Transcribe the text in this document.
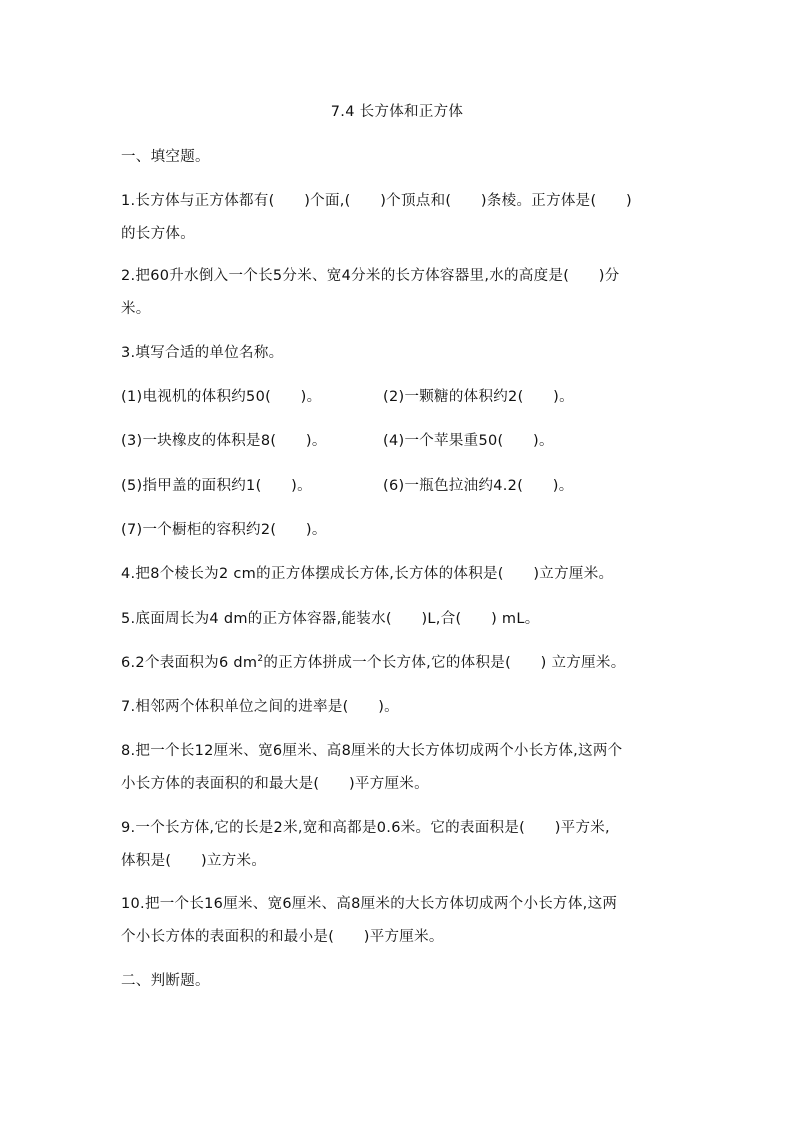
7.4 长方体和正方体
一、填空题。
1.长方体与正方体都有(　　)个面,(　　)个顶点和(　　)条棱。正方体是(　　)
的长方体。
2.把60升水倒入一个长5分米、宽4分米的长方体容器里,水的高度是(　　)分
米。
3.填写合适的单位名称。
(1)电视机的体积约50(　　)。	(2)一颗糖的体积约2(　　)。
(3)一块橡皮的体积是8(　　)。	(4)一个苹果重50(　　)。
(5)指甲盖的面积约1(　　)。	(6)一瓶色拉油约4.2(　　)。
(7)一个橱柜的容积约2(　　)。
4.把8个棱长为2 cm的正方体摆成长方体,长方体的体积是(　　)立方厘米。
5.底面周长为4 dm的正方体容器,能装水(　　)L,合(　　) mL。
6.2个表面积为6 $dm^2$的正方体拼成一个长方体,它的体积是(　　) 立方厘米。
7.相邻两个体积单位之间的进率是(　　)。
8.把一个长12厘米、宽6厘米、高8厘米的大长方体切成两个小长方体,这两个
小长方体的表面积的和最大是(　　)平方厘米。
9.一个长方体,它的长是2米,宽和高都是0.6米。它的表面积是(　　)平方米,
体积是(　　)立方米。
10.把一个长16厘米、宽6厘米、高8厘米的大长方体切成两个小长方体,这两
个小长方体的表面积的和最小是(　　)平方厘米。
二、判断题。
